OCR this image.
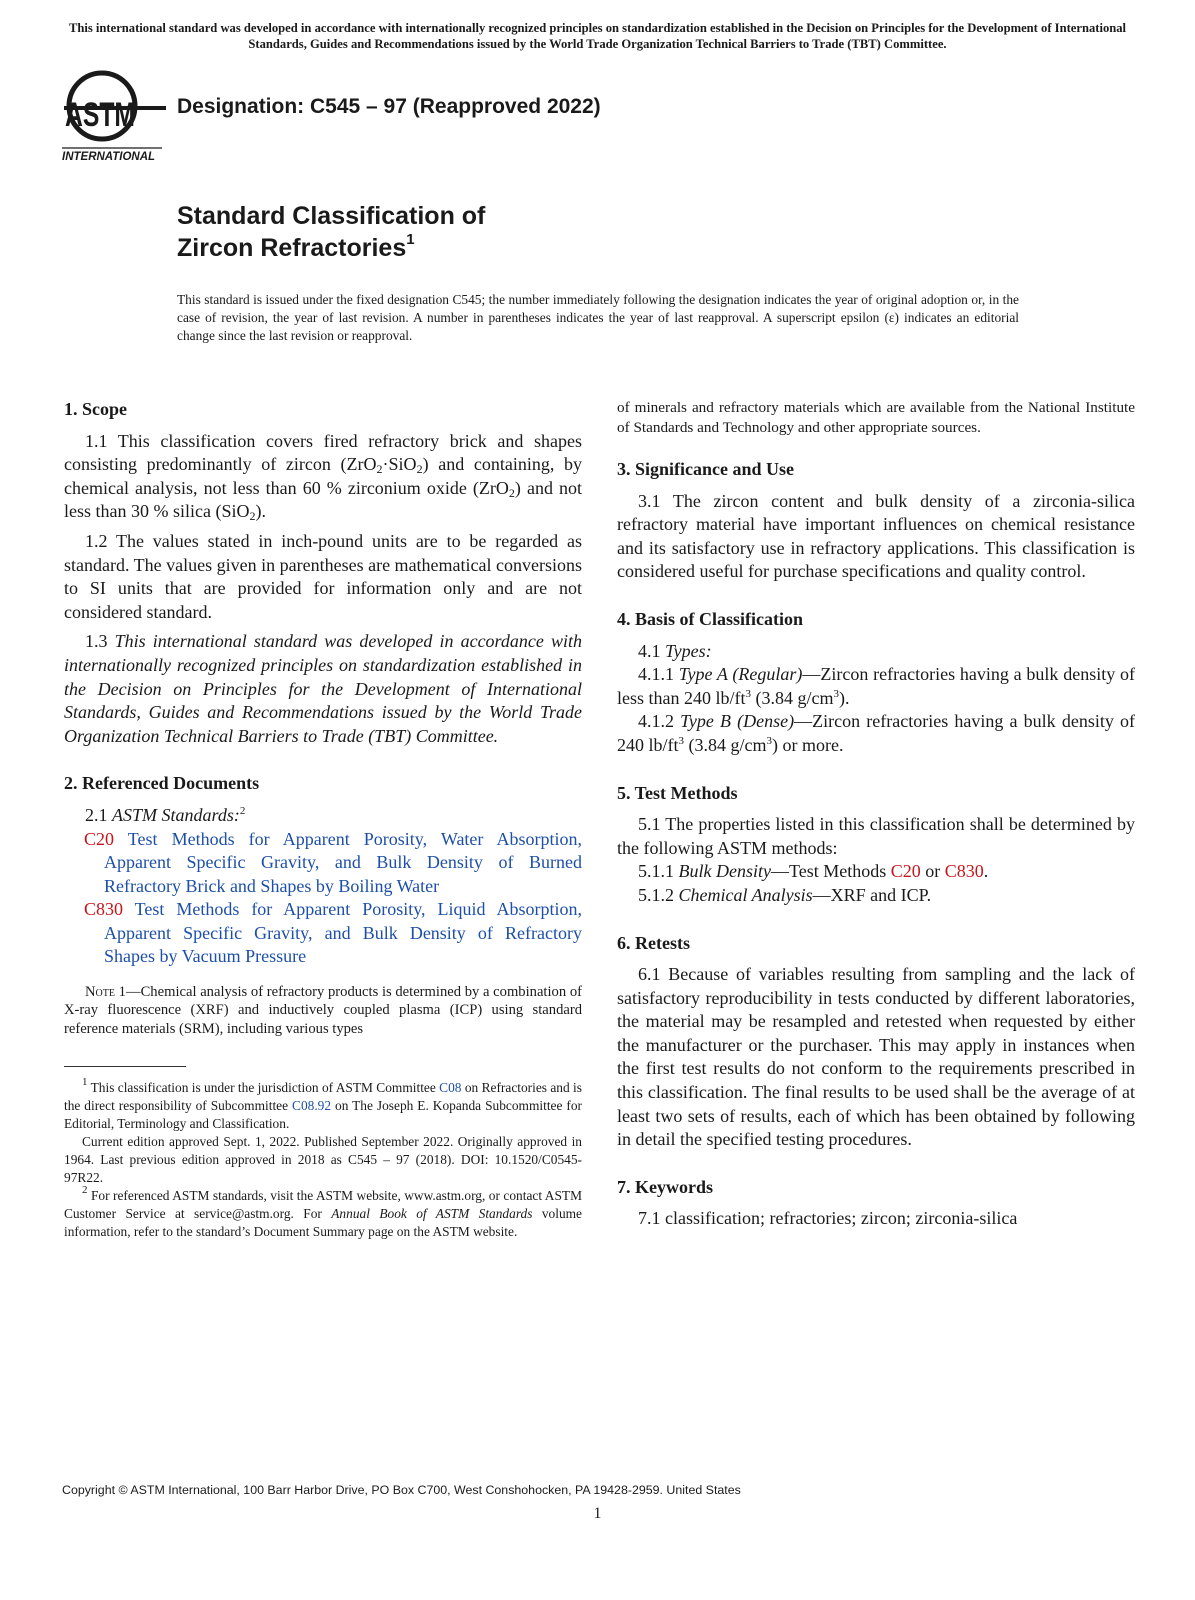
This international standard was developed in accordance with internationally recognized principles on standardization established in the Decision on Principles for the Development of International Standards, Guides and Recommendations issued by the World Trade Organization Technical Barriers to Trade (TBT) Committee.
ASTM
INTERNATIONAL
Designation: C545 – 97 (Reapproved 2022)
Standard Classification of
Zircon Refractories$^1$
This standard is issued under the fixed designation C545; the number immediately following the designation indicates the year of original adoption or, in the case of revision, the year of last revision. A number in parentheses indicates the year of last reapproval. A superscript epsilon (ε) indicates an editorial change since the last revision or reapproval.
1. Scope

1.1 This classification covers fired refractory brick and shapes consisting predominantly of zircon (ZrO$_2$·SiO$_2$) and containing, by chemical analysis, not less than 60 % zirconium oxide (ZrO$_2$) and not less than 30 % silica (SiO$_2$).

1.2 The values stated in inch-pound units are to be regarded as standard. The values given in parentheses are mathematical conversions to SI units that are provided for information only and are not considered standard.

1.3 This international standard was developed in accordance with internationally recognized principles on standardization established in the Decision on Principles for the Development of International Standards, Guides and Recommendations issued by the World Trade Organization Technical Barriers to Trade (TBT) Committee.

2. Referenced Documents

2.1 ASTM Standards:$^2$

C20 Test Methods for Apparent Porosity, Water Absorption, Apparent Specific Gravity, and Bulk Density of Burned Refractory Brick and Shapes by Boiling Water

C830 Test Methods for Apparent Porosity, Liquid Absorption, Apparent Specific Gravity, and Bulk Density of Refractory Shapes by Vacuum Pressure

Note 1—Chemical analysis of refractory products is determined by a combination of X-ray fluorescence (XRF) and inductively coupled plasma (ICP) using standard reference materials (SRM), including various types

$^1$ This classification is under the jurisdiction of ASTM Committee C08 on Refractories and is the direct responsibility of Subcommittee C08.92 on The Joseph E. Kopanda Subcommittee for Editorial, Terminology and Classification.

Current edition approved Sept. 1, 2022. Published September 2022. Originally approved in 1964. Last previous edition approved in 2018 as C545 – 97 (2018). DOI: 10.1520/C0545-97R22.

$^2$ For referenced ASTM standards, visit the ASTM website, www.astm.org, or contact ASTM Customer Service at service@astm.org. For Annual Book of ASTM Standards volume information, refer to the standard’s Document Summary page on the ASTM website.

of minerals and refractory materials which are available from the National Institute of Standards and Technology and other appropriate sources.

3. Significance and Use

3.1 The zircon content and bulk density of a zirconia-silica refractory material have important influences on chemical resistance and its satisfactory use in refractory applications. This classification is considered useful for purchase specifications and quality control.

4. Basis of Classification

4.1 Types:

4.1.1 Type A (Regular)—Zircon refractories having a bulk density of less than 240 $lb/ft^3$ (3.84 $g/cm^3$).

4.1.2 Type B (Dense)—Zircon refractories having a bulk density of 240 $lb/ft^3$ (3.84 $g/cm^3$) or more.

5. Test Methods

5.1 The properties listed in this classification shall be determined by the following ASTM methods:

5.1.1 Bulk Density—Test Methods C20 or C830.

5.1.2 Chemical Analysis—XRF and ICP.

6. Retests

6.1 Because of variables resulting from sampling and the lack of satisfactory reproducibility in tests conducted by different laboratories, the material may be resampled and retested when requested by either the manufacturer or the purchaser. This may apply in instances when the first test results do not conform to the requirements prescribed in this classification. The final results to be used shall be the average of at least two sets of results, each of which has been obtained by following in detail the specified testing procedures.

7. Keywords

7.1 classification; refractories; zircon; zirconia-silica

Copyright © ASTM International, 100 Barr Harbor Drive, PO Box C700, West Conshohocken, PA 19428-2959. United States
1
